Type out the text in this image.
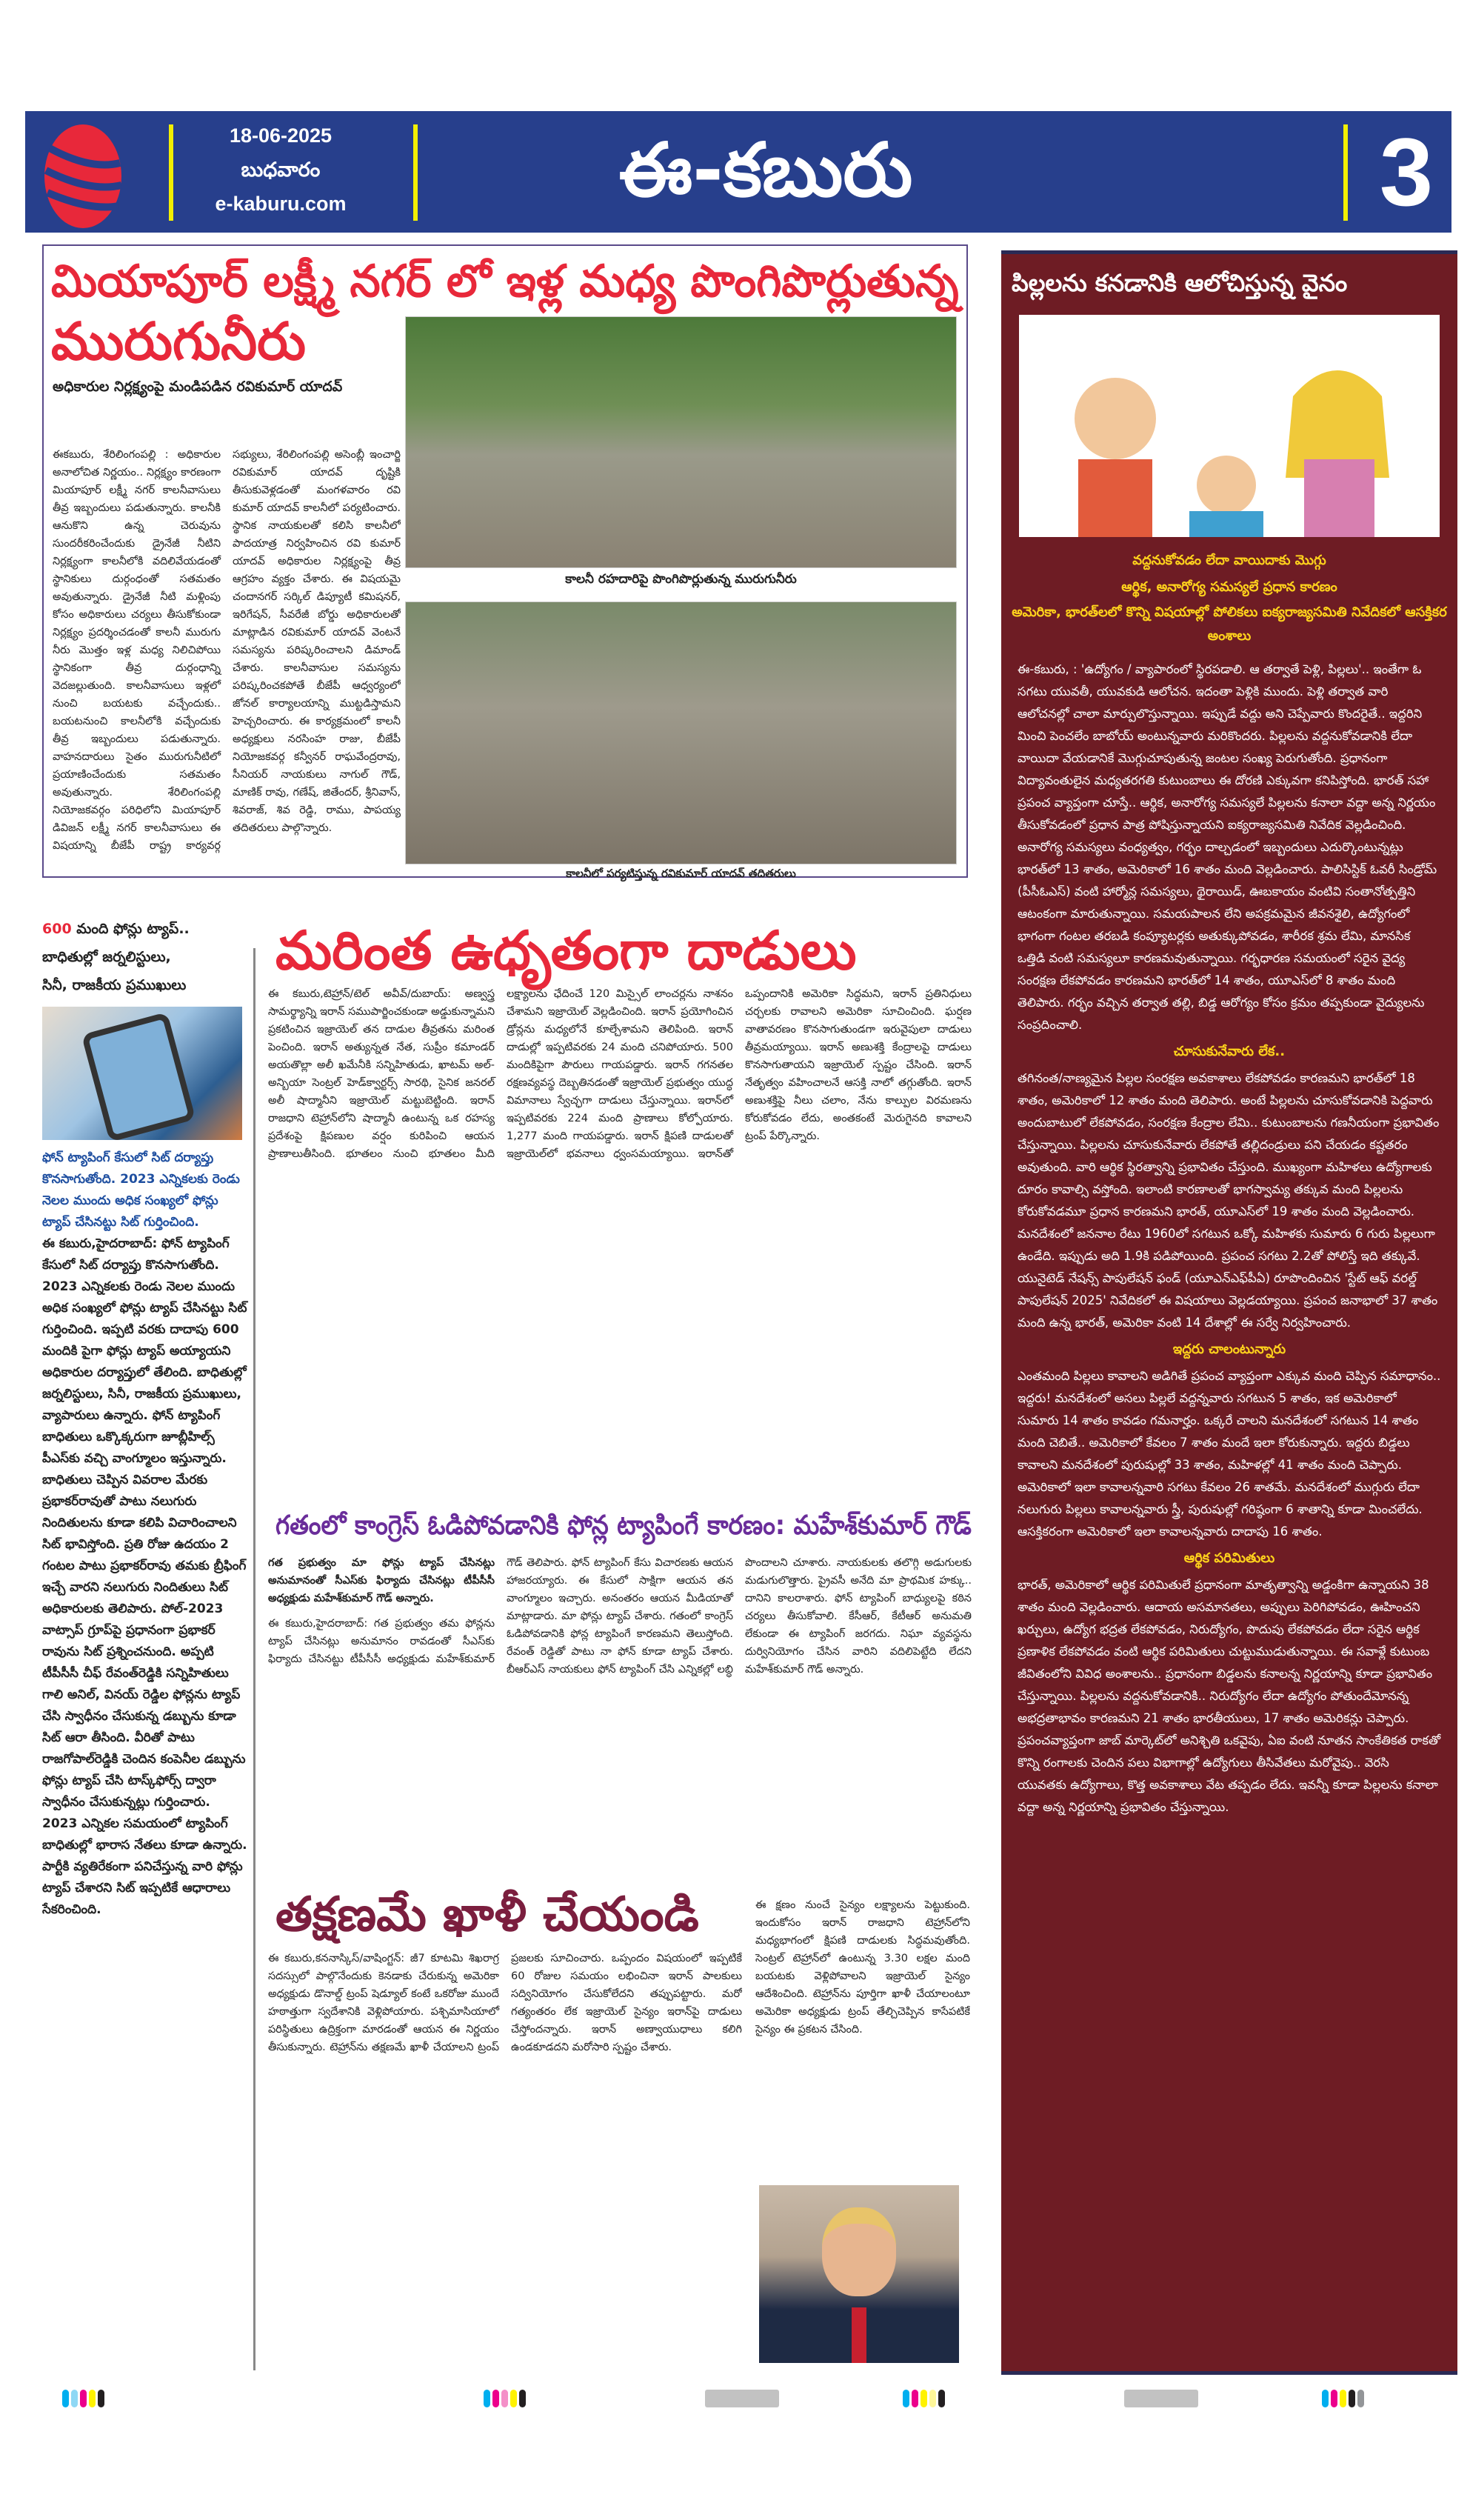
18-06-2025
బుధవారం
e-kaburu.com	ఈ-కబురు	3
మియాపూర్ లక్ష్మీ నగర్ లో ఇళ్ల మధ్య పొంగిపొర్లుతున్న
మురుగునీరు
అధికారుల నిర్లక్ష్యంపై మండిపడిన రవికుమార్ యాదవ్
ఈకబురు, శేరిలింగంపల్లి : అధికారుల అనాలోచిత నిర్ణయం.. నిర్లక్ష్యం కారణంగా మియాపూర్ లక్ష్మీ నగర్ కాలనీవాసులు తీవ్ర ఇబ్బందులు పడుతున్నారు. కాలనీకి ఆనుకొని ఉన్న చెరువును సుందరీకరించేందుకు డ్రైనేజీ నీటిని నిర్లక్ష్యంగా కాలనీలోకి వదిలివేయడంతో స్థానికులు దుర్గంధంతో సతమతం అవుతున్నారు. డ్రైనేజీ నీటి మళ్లింపు కోసం అధికారులు చర్యలు తీసుకోకుండా నిర్లక్ష్యం ప్రదర్శించడంతో కాలనీ మురుగు నీరు మొత్తం ఇళ్ల మధ్య నిలిచిపోయి స్థానికంగా తీవ్ర దుర్గంధాన్ని వెదజల్లుతుంది. కాలనీవాసులు ఇళ్లలో నుంచి బయటకు వచ్చేందుకు.. బయటనుంచి కాలనీలోకి వచ్చేందుకు తీవ్ర ఇబ్బందులు పడుతున్నారు. వాహనదారులు సైతం మురుగునీటిలో ప్రయాణించేందుకు సతమతం అవుతున్నారు. శేరిలింగంపల్లి నియోజకవర్గం పరిధిలోని మియాపూర్ డివిజన్ లక్ష్మీ నగర్ కాలనీవాసులు ఈ విషయాన్ని బీజేపీ రాష్ట్ర కార్యవర్గ సభ్యులు, శేరిలింగంపల్లి అసెంబ్లీ ఇంచార్జి రవికుమార్ యాదవ్ దృష్టికి తీసుకువెళ్లడంతో మంగళవారం రవి కుమార్ యాదవ్ కాలనీలో పర్యటించారు. స్థానిక నాయకులతో కలిసి కాలనీలో పాదయాత్ర నిర్వహించిన రవి కుమార్ యాదవ్ అధికారుల నిర్లక్ష్యంపై తీవ్ర ఆగ్రహం వ్యక్తం చేశారు. ఈ విషయమై చందానగర్ సర్కిల్ డిప్యూటీ కమిషనర్, ఇరిగేషన్, సీవరేజీ బోర్డు అధికారులతో మాట్లాడిన రవికుమార్ యాదవ్ వెంటనే సమస్యను పరిష్కరించాలని డిమాండ్ చేశారు. కాలనీవాసుల సమస్యను పరిష్కరించకపోతే బీజేపీ ఆధ్వర్యంలో జోనల్ కార్యాలయాన్ని ముట్టడిస్తామని హెచ్చరించారు. ఈ కార్యక్రమంలో కాలనీ అధ్యక్షులు నరసింహ రాజు, బీజేపీ నియోజకవర్గ కన్వీనర్ రాఘవేంద్రరావు, సీనియర్ నాయకులు నాగుల్ గౌడ్, మాణిక్ రావు, గణేష్, జితేందర్, శ్రీనివాస్, శివరాజ్, శివ రెడ్డి, రాము, పాపయ్య తదితరులు పాల్గొన్నారు.
కాలనీ రహదారిపై పొంగిపొర్లుతున్న మురుగునీరు
కాలనీలో పర్యటిస్తున్న రవికుమార్ యాదవ్ తదితరులు
పిల్లలను కనడానికి ఆలోచిస్తున్న వైనం
వద్దనుకోవడం లేదా వాయిదాకు మొగ్గు
ఆర్థిక, అనారోగ్య సమస్యలే ప్రధాన కారణం
అమెరికా, భారత్‌లలో కొన్ని విషయాల్లో పోలికలు ఐక్యరాజ్యసమితి నివేదికలో ఆసక్తికర అంశాలు

ఈ-కబురు, : 'ఉద్యోగం / వ్యాపారంలో స్థిరపడాలి. ఆ తర్వాతే పెళ్లి, పిల్లలు'.. ఇంతేగా ఓ సగటు యువతీ, యువకుడి ఆలోచన. ఇదంతా పెళ్లికి ముందు. పెళ్లి తర్వాత వారి ఆలోచనల్లో చాలా మార్పులొస్తున్నాయి. ఇప్పుడే వద్దు అని చెప్పేవారు కొందరైతే.. ఇద్దరిని మించి పెంచలేం బాబోయ్ అంటున్నవారు మరికొందరు. పిల్లలను వద్దనుకోవడానికి లేదా వాయిదా వేయడానికే మొగ్గుచూపుతున్న జంటల సంఖ్య పెరుగుతోంది. ప్రధానంగా విద్యావంతులైన మధ్యతరగతి కుటుంబాలు ఈ దోరణి ఎక్కువగా కనిపిస్తోంది. భారత్ సహా ప్రపంచ వ్యాప్తంగా చూస్తే.. ఆర్థిక, అనారోగ్య సమస్యలే పిల్లలను కనాలా వద్దా అన్న నిర్ణయం తీసుకోవడంలో ప్రధాన పాత్ర పోషిస్తున్నాయని ఐక్యరాజ్యసమితి నివేదిక వెల్లడించింది.

అనారోగ్య సమస్యలు వంధ్యత్వం, గర్భం దాల్చడంలో ఇబ్బందులు ఎదుర్కొంటున్నట్లు భారత్‌లో 13 శాతం, అమెరికాలో 16 శాతం మంది వెల్లడించారు. పాలిసిస్టిక్ ఓవరీ సిండ్రోమ్ (పీసీఓఎస్) వంటి హార్మోన్ల సమస్యలు, థైరాయిడ్, ఊబకాయం వంటివి సంతానోత్పత్తిని ఆటంకంగా మారుతున్నాయి. సమయపాలన లేని అపక్రమమైన జీవనశైలి, ఉద్యోగంలో భాగంగా గంటల తరబడి కంప్యూటర్లకు అతుక్కుపోవడం, శారీరక శ్రమ లేమి, మానసిక ఒత్తిడి వంటి సమస్యలూ కారణమవుతున్నాయి. గర్భధారణ సమయంలో సరైన వైద్య సంరక్షణ లేకపోవడం కారణమని భారత్‌లో 14 శాతం, యూఎస్‌లో 8 శాతం మంది తెలిపారు. గర్భం వచ్చిన తర్వాత తల్లి, బిడ్డ ఆరోగ్యం కోసం క్రమం తప్పకుండా వైద్యులను సంప్రదించాలి.

చూసుకునేవారు లేక..

తగినంత/నాణ్యమైన పిల్లల సంరక్షణ అవకాశాలు లేకపోవడం కారణమని భారత్‌లో 18 శాతం, అమెరికాలో 12 శాతం మంది తెలిపారు. అంటే పిల్లలను చూసుకోవడానికి పెద్దవారు అందుబాటులో లేకపోవడం, సంరక్షణ కేంద్రాల లేమి.. కుటుంబాలను గణనీయంగా ప్రభావితం చేస్తున్నాయి. పిల్లలను చూసుకునేవారు లేకపోతే తల్లిదండ్రులు పని చేయడం కష్టతరం అవుతుంది. వారి ఆర్థిక స్థిరత్వాన్ని ప్రభావితం చేస్తుంది. ముఖ్యంగా మహిళలు ఉద్యోగాలకు దూరం కావాల్సి వస్తోంది. ఇలాంటి కారణాలతో భాగస్వామ్య తక్కువ మంది పిల్లలను కోరుకోవడమూ ప్రధాన కారణమని భారత్, యూఎస్‌లో 19 శాతం మంది వెల్లడించారు. మనదేశంలో జననాల రేటు 1960లో సగటున ఒక్కో మహిళకు సుమారు 6 గురు పిల్లలుగా ఉండేది. ఇప్పుడు అది 1.9కి పడిపోయింది. ప్రపంచ సగటు 2.2తో పోలిస్తే ఇది తక్కువే. యునైటెడ్ నేషన్స్ పాపులేషన్ ఫండ్ (యూఎన్‌ఎఫ్‌పీఏ) రూపొందించిన 'స్టేట్ ఆఫ్ వరల్డ్ పాపులేషన్ 2025' నివేదికలో ఈ విషయాలు వెల్లడయ్యాయి. ప్రపంచ జనాభాలో 37 శాతం మంది ఉన్న భారత్, అమెరికా వంటి 14 దేశాల్లో ఈ సర్వే నిర్వహించారు.

ఇద్దరు చాలంటున్నారు

ఎంతమంది పిల్లలు కావాలని అడిగితే ప్రపంచ వ్యాప్తంగా ఎక్కువ మంది చెప్పిన సమాధానం.. ఇద్దరు! మనదేశంలో అసలు పిల్లలే వద్దన్నవారు సగటున 5 శాతం, ఇక అమెరికాలో సుమారు 14 శాతం కావడం గమనార్హం. ఒక్కరే చాలని మనదేశంలో సగటున 14 శాతం మంది చెబితే.. అమెరికాలో కేవలం 7 శాతం మందే ఇలా కోరుకున్నారు. ఇద్దరు బిడ్డలు కావాలని మనదేశంలో పురుషుల్లో 33 శాతం, మహిళల్లో 41 శాతం మంది చెప్పారు. అమెరికాలో ఇలా కావాలన్నవారి సగటు కేవలం 26 శాతమే. మనదేశంలో ముగ్గురు లేదా నలుగురు పిల్లలు కావాలన్నవారు స్త్రీ, పురుషుల్లో గరిష్ఠంగా 6 శాతాన్ని కూడా మించలేదు. ఆసక్తికరంగా అమెరికాలో ఇలా కావాలన్నవారు దాదాపు 16 శాతం.

ఆర్థిక పరిమితులు

భారత్, అమెరికాలో ఆర్థిక పరిమితులే ప్రధానంగా మాతృత్వాన్ని అడ్డంకిగా ఉన్నాయని 38 శాతం మంది వెల్లడించారు. ఆదాయ అసమానతలు, అప్పులు పెరిగిపోవడం, ఊహించని ఖర్చులు, ఉద్యోగ భద్రత లేకపోవడం, నిరుద్యోగం, పొదుపు లేకపోవడం లేదా సరైన ఆర్థిక ప్రణాళిక లేకపోవడం వంటి ఆర్థిక పరిమితులు చుట్టుముడుతున్నాయి. ఈ సవాళ్లే కుటుంబ జీవితంలోని వివిధ అంశాలను.. ప్రధానంగా బిడ్డలను కనాలన్న నిర్ణయాన్ని కూడా ప్రభావితం చేస్తున్నాయి. పిల్లలను వద్దనుకోవడానికి.. నిరుద్యోగం లేదా ఉద్యోగం పోతుందేమోనన్న అభద్రతాభావం కారణమని 21 శాతం భారతీయులు, 17 శాతం అమెరికన్లు చెప్పారు. ప్రపంచవ్యాప్తంగా జాబ్ మార్కెట్‌లో అనిశ్చితి ఒకవైపు, ఏఐ వంటి నూతన సాంకేతికత రాకతో కొన్ని రంగాలకు చెందిన పలు విభాగాల్లో ఉద్యోగులు తీసివేతలు మరోవైపు.. వెరసి యువతకు ఉద్యోగాలు, కొత్త అవకాశాలు వేట తప్పడం లేదు. ఇవన్నీ కూడా పిల్లలను కనాలా వద్దా అన్న నిర్ణయాన్ని ప్రభావితం చేస్తున్నాయి.

600 మంది ఫోన్లు ట్యాప్..
బాధితుల్లో జర్నలిస్టులు,
సినీ, రాజకీయ ప్రముఖులు
ఫోన్ ట్యాపింగ్ కేసులో సిట్ దర్యాప్తు కొనసాగుతోంది. 2023 ఎన్నికలకు రెండు నెలల ముందు అధిక సంఖ్యలో ఫోన్లు ట్యాప్ చేసినట్టు సిట్ గుర్తించింది.
ఈ కబురు,హైదరాబాద్: ఫోన్ ట్యాపింగ్ కేసులో సిట్ దర్యాప్తు కొనసాగుతోంది. 2023 ఎన్నికలకు రెండు నెలల ముందు అధిక సంఖ్యలో ఫోన్లు ట్యాప్ చేసినట్టు సిట్ గుర్తించింది. ఇప్పటి వరకు దాదాపు 600 మందికి పైగా ఫోన్లు ట్యాప్ అయ్యాయని అధికారుల దర్యాప్తులో తేలింది. బాధితుల్లో జర్నలిస్టులు, సినీ, రాజకీయ ప్రముఖులు, వ్యాపారులు ఉన్నారు. ఫోన్ ట్యాపింగ్ బాధితులు ఒక్కొక్కరుగా జూబ్లీహిల్స్ పీఎస్‌కు వచ్చి వాంగ్మూలం ఇస్తున్నారు. బాధితులు చెప్పిన వివరాల మేరకు ప్రభాకర్‌రావుతో పాటు నలుగురు నిందితులను కూడా కలిపి విచారించాలని సిట్ భావిస్తోంది. ప్రతి రోజు ఉదయం 2 గంటల పాటు ప్రభాకర్‌రావు తమకు బ్రీఫింగ్ ఇచ్చే వారని నలుగురు నిందితులు సిట్ అధికారులకు తెలిపారు. పోల్-2023 వాట్సాప్ గ్రూప్‌పై ప్రధానంగా ప్రభాకర్ రావును సిట్ ప్రశ్నించనుంది. అప్పటి టీపీసీసీ చీఫ్ రేవంత్‌రెడ్డికి సన్నిహితులు గాలి అనిల్, వినయ్ రెడ్డిల ఫోన్లను ట్యాప్ చేసి స్వాధీనం చేసుకున్న డబ్బును కూడా సిట్ ఆరా తీసింది. వీరితో పాటు రాజగోపాల్‌రెడ్డికి చెందిన కంపెనీల డబ్బును ఫోన్లు ట్యాప్ చేసి టాస్క్‌ఫోర్స్ ద్వారా స్వాధీనం చేసుకున్నట్లు గుర్తించారు. 2023 ఎన్నికల సమయంలో ట్యాపింగ్ బాధితుల్లో భారాస నేతలు కూడా ఉన్నారు. పార్టీకి వ్యతిరేకంగా పనిచేస్తున్న వారి ఫోన్లు ట్యాప్ చేశారని సిట్ ఇప్పటికే ఆధారాలు సేకరించింది.
మరింత ఉధృతంగా దాడులు
ఈ కబురు,టెహ్రాన్/టెల్ అవీవ్/దుబాయ్: అణ్వస్త్ర సామర్థ్యాన్ని ఇరాన్ సముపార్జించకుండా అడ్డుకున్నామని ప్రకటించిన ఇజ్రాయెల్ తన దాడుల తీవ్రతను మరింత పెంచింది. ఇరాన్ అత్యున్నత నేత, సుప్రీం కమాండర్ అయతొల్లా అలీ ఖమేనీకి సన్నిహితుడు, ఖాటమ్ అల్-అన్బియా సెంట్రల్ హెడ్‌క్వార్టర్స్ సారథి, సైనిక జనరల్ అలీ షాద్మానీని ఇజ్రాయెల్ మట్టుబెట్టింది. ఇరాన్ రాజధాని టెహ్రాన్‌లోని షాద్మానీ ఉంటున్న ఒక రహస్య ప్రదేశంపై క్షిపణుల వర్షం కురిపించి ఆయన ప్రాణాలుతీసింది. భూతలం నుంచి భూతలం మీది లక్ష్యాలను ఛేదించే 120 మిస్సైల్ లాంచర్లను నాశనం చేశామని ఇజ్రాయెల్ వెల్లడించింది. ఇరాన్ ప్రయోగించిన డ్రోన్లను మధ్యలోనే కూల్చేశామని తెలిపింది. ఇరాన్ దాడుల్లో ఇప్పటివరకు 24 మంది చనిపోయారు. 500 మందికిపైగా పౌరులు గాయపడ్డారు. ఇరాన్ గగనతల రక్షణవ్యవస్థ దెబ్బతినడంతో ఇజ్రాయెల్ ప్రభుత్వం యుద్ధ విమానాలు స్వేచ్ఛగా దాడులు చేస్తున్నాయి. ఇరాన్‌లో ఇప్పటివరకు 224 మంది ప్రాణాలు కోల్పోయారు. 1,277 మంది గాయపడ్డారు. ఇరాన్ క్షిపణి దాడులతో ఇజ్రాయెల్‌లో భవనాలు ధ్వంసమయ్యాయి. ఇరాన్‌తో ఒప్పందానికి అమెరికా సిద్ధమని, ఇరాన్ ప్రతినిధులు చర్చలకు రావాలని అమెరికా సూచించింది. ఘర్షణ వాతావరణం కొనసాగుతుండగా ఇరువైపులా దాడులు తీవ్రమయ్యాయి. ఇరాన్ అణుశక్తి కేంద్రాలపై దాడులు కొనసాగుతాయని ఇజ్రాయెల్ స్పష్టం చేసింది. ఇరాన్ నేతృత్వం వహించాలనే ఆసక్తి నాలో తగ్గుతోంది. ఇరాన్ అణుశక్తిపై నీలు చలాం, నేను కాల్పుల విరమణను కోరుకోవడం లేదు, అంతకంటే మెరుగైనది కావాలని ట్రంప్ పేర్కొన్నారు.
గతంలో కాంగ్రెస్ ఓడిపోవడానికి ఫోన్ల ట్యాపింగే కారణం: మహేశ్‌కుమార్ గౌడ్
గత ప్రభుత్వం మా ఫోన్లు ట్యాప్ చేసినట్లు అనుమానంతో సీఎస్‌కు ఫిర్యాదు చేసినట్లు టీపీసీసీ అధ్యక్షుడు మహేశ్‌కుమార్ గౌడ్ అన్నారు.
ఈ కబురు,హైదరాబాద్: గత ప్రభుత్వం తమ ఫోన్లను ట్యాప్ చేసినట్లు అనుమానం రావడంతో సీఎస్‌కు ఫిర్యాదు చేసినట్టు టీపీసీసీ అధ్యక్షుడు మహేశ్‌కుమార్ గౌడ్ తెలిపారు. ఫోన్ ట్యాపింగ్ కేసు విచారణకు ఆయన హాజరయ్యారు. ఈ కేసులో సాక్షిగా ఆయన తన వాంగ్మూలం ఇచ్చారు. అనంతరం ఆయన మీడియాతో మాట్లాడారు. మా ఫోన్లు ట్యాప్ చేశారు. గతంలో కాంగ్రెస్ ఓడిపోవడానికి ఫోన్ల ట్యాపింగే కారణమని తెలుస్తోంది. రేవంత్ రెడ్డితో పాటు నా ఫోన్ కూడా ట్యాప్ చేశారు. బీఆర్‌ఎస్ నాయకులు ఫోన్ ట్యాపింగ్ చేసి ఎన్నికల్లో లబ్ధి పొందాలని చూశారు. నాయకులకు తలొగ్గి అడుగులకు మడుగులొత్తారు. ప్రైవసీ అనేది మా ప్రాథమిక హక్కు.. దానిని కాలరాశారు. ఫోన్ ట్యాపింగ్ బాధ్యులపై కఠిన చర్యలు తీసుకోవాలి. కేసీఆర్, కేటీఆర్ అనుమతి లేకుండా ఈ ట్యాపింగ్ జరగదు. నిఘా వ్యవస్థను దుర్వినియోగం చేసిన వారిని వదిలిపెట్టేది లేదని మహేశ్‌కుమార్ గౌడ్ అన్నారు.
తక్షణమే ఖాళీ చేయండి
ఈ కబురు,కననాస్కిస్/వాషింగ్టన్: జీ7 కూటమి శిఖరాగ్ర సదస్సులో పాల్గొనేందుకు కెనడాకు చేరుకున్న అమెరికా అధ్యక్షుడు డొనాల్డ్ ట్రంప్ షెడ్యూల్ కంటే ఒకరోజు ముందే హఠాత్తుగా స్వదేశానికి వెళ్లిపోయారు. పశ్చిమాసియాలో పరిస్థితులు ఉద్రిక్తంగా మారడంతో ఆయన ఈ నిర్ణయం తీసుకున్నారు. టెహ్రాన్‌ను తక్షణమే ఖాళీ చేయాలని ట్రంప్ ప్రజలకు సూచించారు. ఒప్పందం విషయంలో ఇప్పటికే 60 రోజుల సమయం లభించినా ఇరాన్ పాలకులు సద్వినియోగం చేసుకోలేదని తప్పుపట్టారు. మరో గత్యంతరం లేక ఇజ్రాయెల్ సైన్యం ఇరాన్‌పై దాడులు చేస్తోందన్నారు. ఇరాన్ అణ్వాయుధాలు కలిగి ఉండకూడదని మరోసారి స్పష్టం చేశారు.
ఈ క్షణం నుంచే సైన్యం లక్ష్యాలను పెట్టుకుంది. ఇందుకోసం ఇరాన్ రాజధాని టెహ్రాన్‌లోని మధ్యభాగంలో క్షిపణి దాడులకు సిద్ధమవుతోంది. సెంట్రల్ టెహ్రాన్‌లో ఉంటున్న 3.30 లక్షల మంది బయటకు వెళ్లిపోవాలని ఇజ్రాయెల్ సైన్యం ఆదేశించింది. టెహ్రాన్‌ను పూర్తిగా ఖాళీ చేయాలంటూ అమెరికా అధ్యక్షుడు ట్రంప్ తేల్చిచెప్పిన కాసేపటికే సైన్యం ఈ ప్రకటన చేసింది.
